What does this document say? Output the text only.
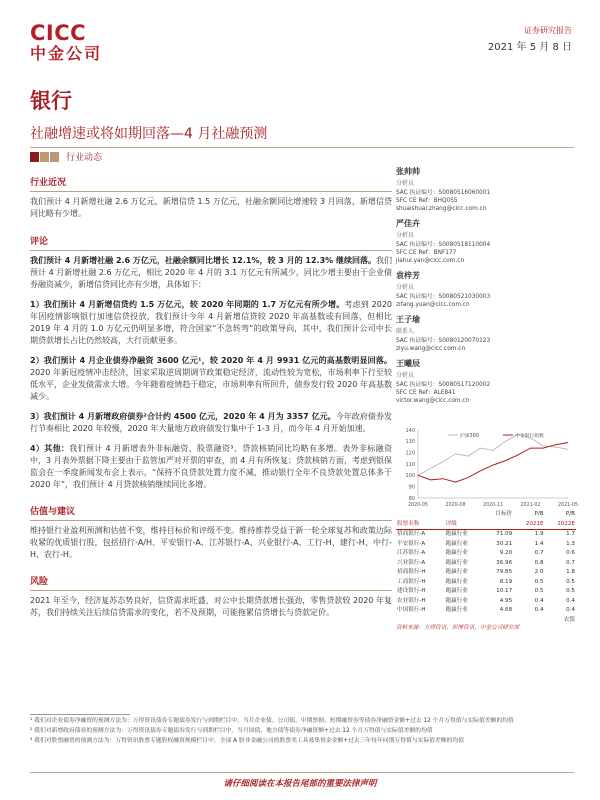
CICC
中金公司
证券研究报告
2021 年 5 月 8 日
银行
社融增速或将如期回落—4 月社融预测
行业动态
行业近况
我们预计 4 月新增社融 2.6 万亿元，新增信贷 1.5 万亿元，社融余额同比增速较 3 月回落，新增信贷同比略有少增。
评论
我们预计 4 月新增社融 2.6 万亿元，社融余额同比增长 12.1%，较 3 月的 12.3% 继续回落。我们预计 4 月新增社融 2.6 万亿元，相比 2020 年 4 月的 3.1 万亿元有所减少，同比少增主要由于企业债券融资减少，新增信贷同比亦有少增，具体如下：
1）我们预计 4 月新增信贷约 1.5 万亿元，较 2020 年同期的 1.7 万亿元有所少增。考虑到 2020 年因疫情影响银行加速信贷投放，我们预计今年 4 月新增信贷较 2020 年高基数或有回落，但相比 2019 年 4 月的 1.0 万亿元仍明显多增，符合国家“不急转弯”的政策导向，其中，我们预计公司中长期贷款增长占比仍然较高，大行贡献更多。
2）我们预计 4 月企业债券净融资 3600 亿元¹，较 2020 年 4 月 9931 亿元的高基数明显回落。2020 年新冠疫情冲击经济，国家采取逆周期调节政策稳定经济，流动性较为宽松，市场利率下行至较低水平，企业发债需求大增。今年随着疫情趋于稳定，市场利率有所回升，债券发行较 2020 年高基数减少。
3）我们预计 4 月新增政府债券²合计约 4500 亿元，2020 年 4 月为 3357 亿元。今年政府债券发行节奏相比 2020 年较慢，2020 年大量地方政府债发行集中于 1-3 月，而今年 4 月开始加速。
4）其他：我们预计 4 月新增表外非标融资、股票融资³、贷款核销同比均略有多增。表外非标融资中，3 月表外票据下降主要由于监管加严对开票的审查，而 4 月有所恢复；贷款核销方面，考虑到银保监会在一季度新闻发布会上表示，“保持不良贷款处置力度不减，推动银行全年不良贷款处置总体多于 2020 年”，我们预计 4 月贷款核销继续同比多增。
估值与建议
维持银行业盈利预测和估值不变，维持目标价和评级不变。维持推荐受益于新一轮全球复苏和政策边际收紧的优质银行股，包括招行-A/H、平安银行-A、江苏银行-A、兴业银行-A、工行-H、建行-H、中行-H、农行-H。
风险
2021 年至今，经济复苏态势良好，信贷需求旺盛，对公中长期贷款增长强劲，零售贷款较 2020 年复苏，我们持续关注后续信贷需求的变化，若不及预期，可能拖累信贷增长与贷款定价。
张帅帅
分析员
SAC 执证编号：S0080516060001
SFC CE Ref：BHQ055
shuaishuai.zhang@cicc.com.cn
严佳卉
分析员
SAC 执证编号：S0080518110004
SFC CE Ref：BNF177
jiahui.yan@cicc.com.cn
袁梓芳
分析员
SAC 执证编号：S0080521030003
zifang.yuan@cicc.com.cn
王子瑜
联系人
SAC 执证编号：S0080120070123
ziyu.wang@cicc.com.cn
王曦辰
分析员
SAC 执证编号：S0080517120002
SFC CE Ref：ALE841
victor.wang@cicc.com.cn
80
90
100
110
120
130
140
2020-05	2020-08	2020-11	2021-02	2021-05
沪深300	中金银行指数
		目标价	P/B	P/B
股票名称	评级		2021E	2022E
招商银行-A	跑赢行业	71.09	1.9	1.7
平安银行-A	跑赢行业	30.21	1.4	1.3
江苏银行-A	跑赢行业	9.20	0.7	0.6
兴业银行-A	跑赢行业	36.96	0.8	0.7
招商银行-H	跑赢行业	79.85	2.0	1.8
工商银行-H	跑赢行业	8.19	0.5	0.5
建设银行-H	跑赢行业	10.17	0.5	0.5
农业银行-H	跑赢行业	4.95	0.4	0.4
中国银行-H	跑赢行业	4.68	0.4	0.4
				农银
资料来源：万得资讯，彭博资讯，中金公司研究部
¹ 我们对企业债券净融资的预测方法为：万得资讯债券专题债券发行与到期栏目中，当月企业债、公司债、中期票据、短期融资券等债券净融资金额+过去 12 个月万得值与实际值差额的均值
² 我们对新增政府债券的预测方法为：万得资讯债券专题债券发行与到期栏目中，当月国债、地方债等债券净融资额+过去 12 个月万得值与实际值差额的均值
³ 我们对股票融资的预测方法为：万得资讯股票专题股权融资规模栏目中，全部 A 股非金融公司的股票类工具募集资金金额+过去三年每年同期万得值与实际值差额的均值
请仔细阅读在本报告尾部的重要法律声明
